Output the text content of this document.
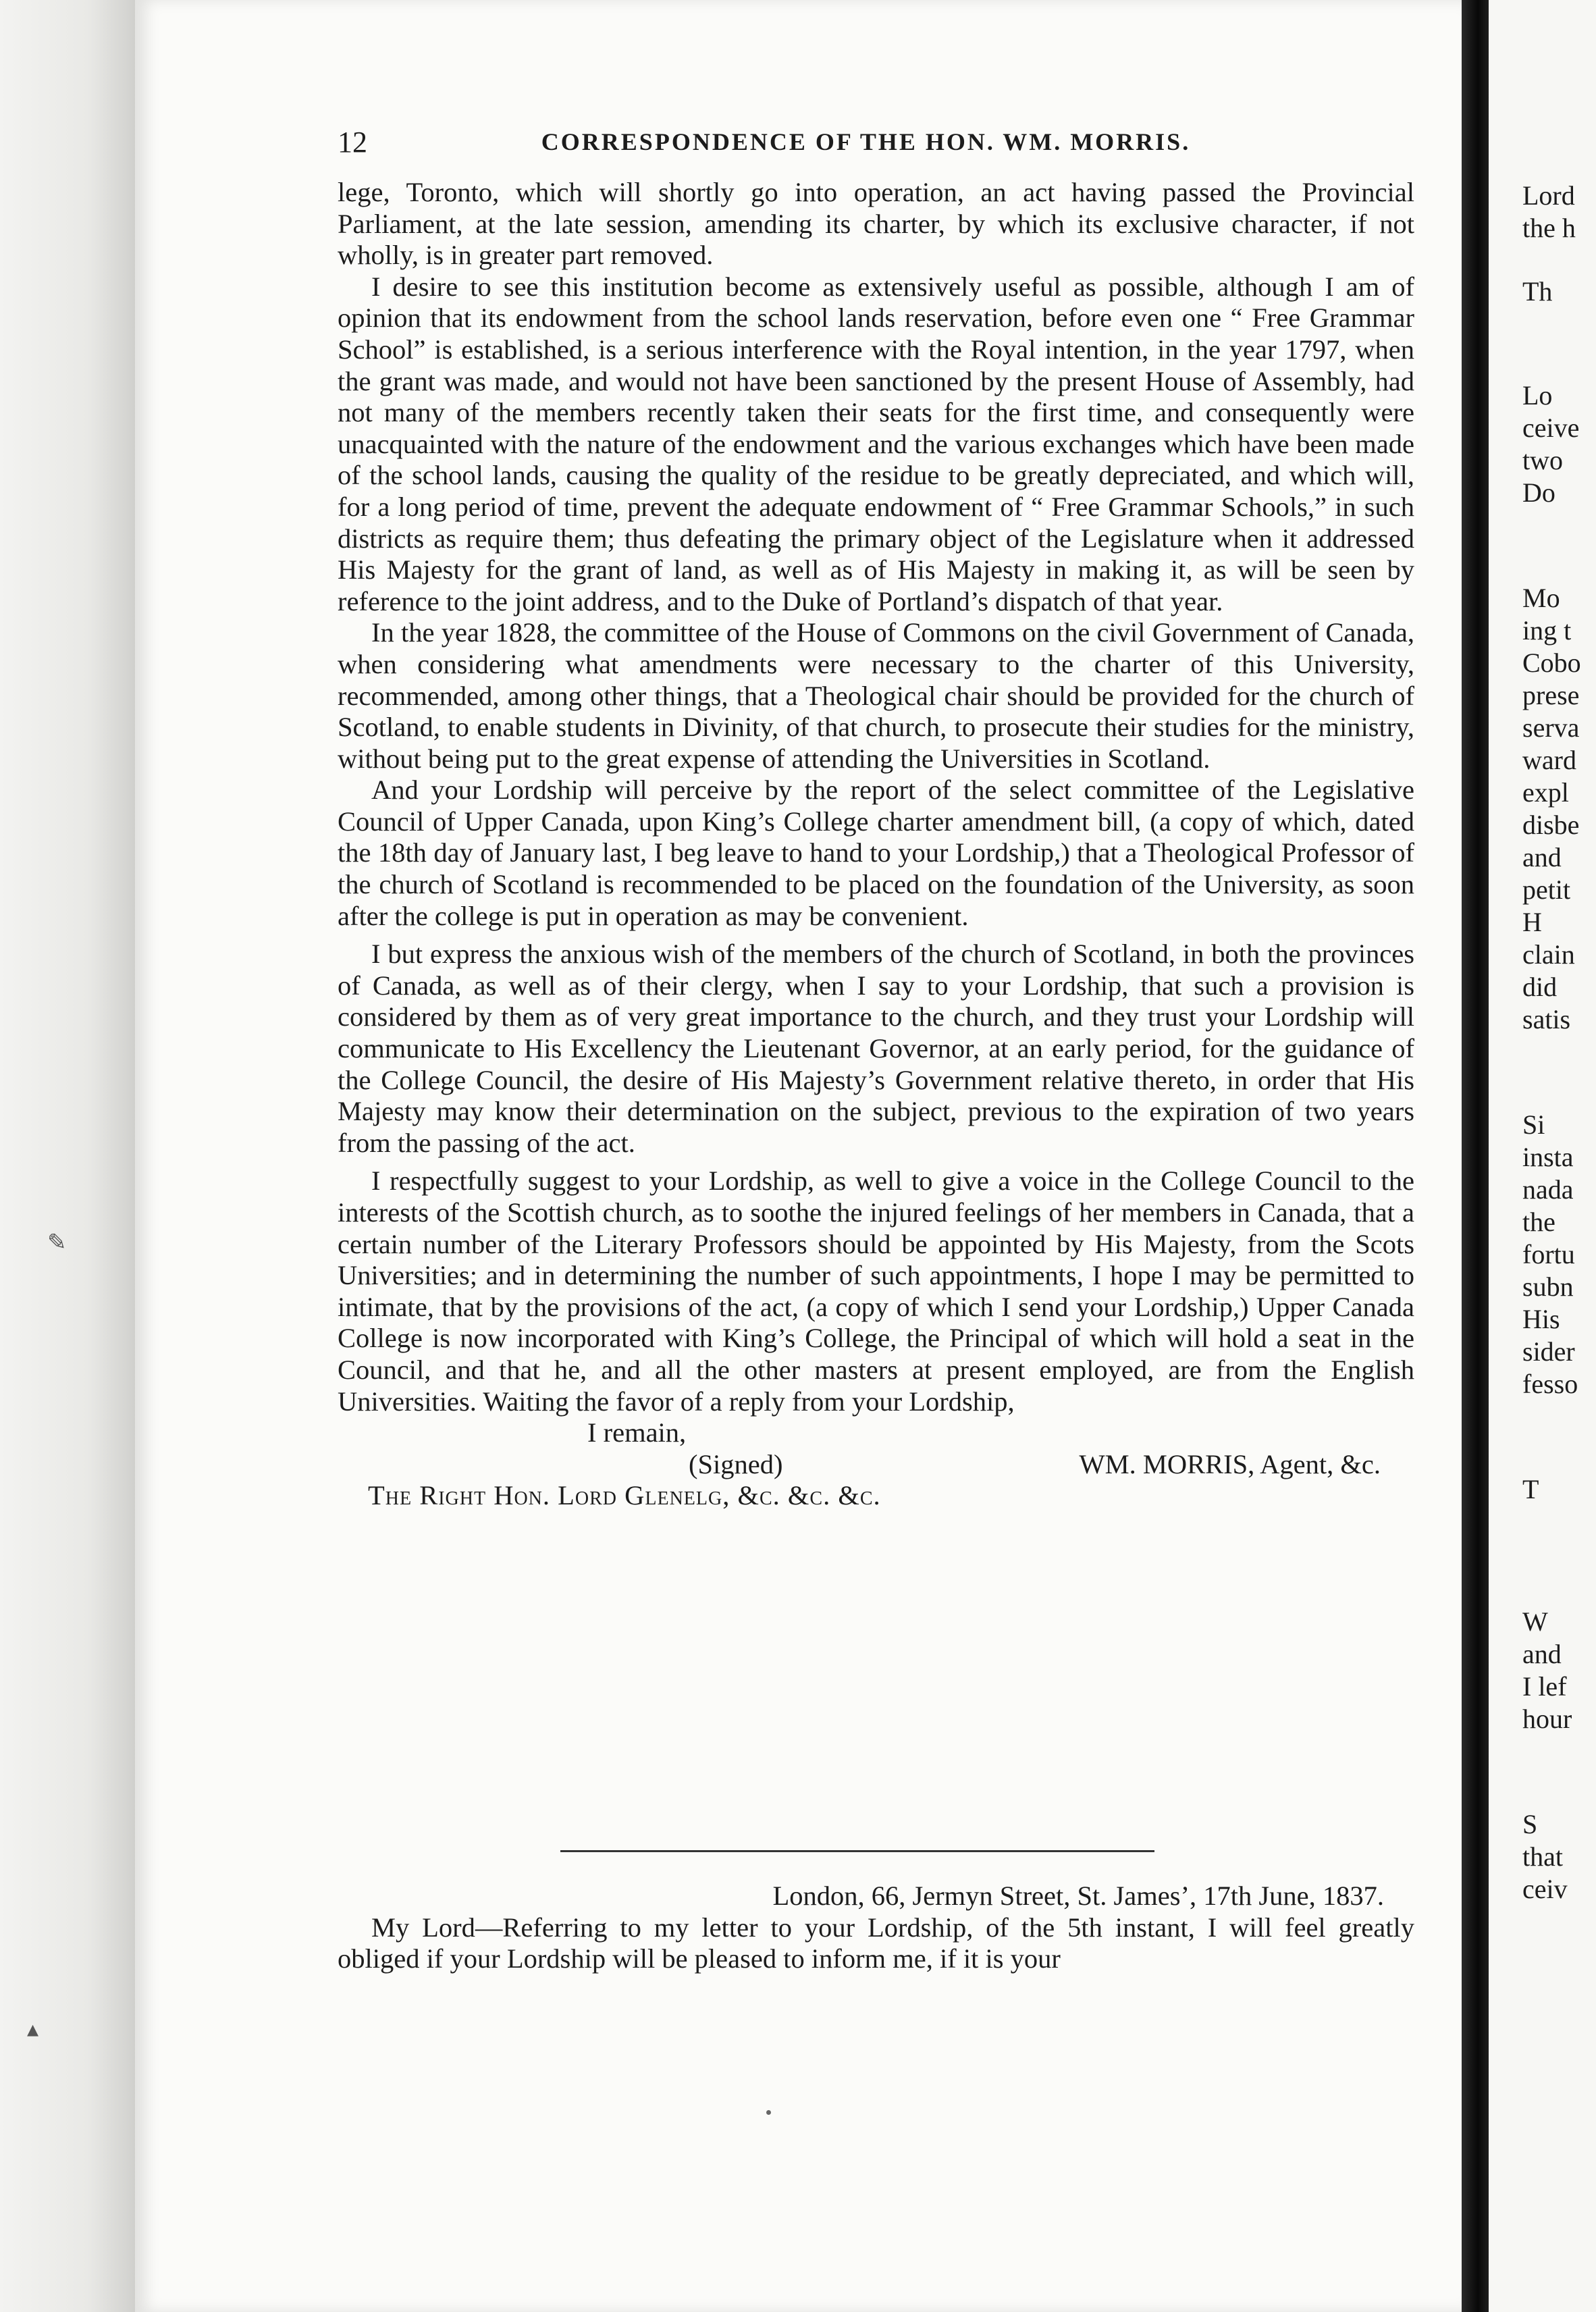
✎
▴
12	CORRESPONDENCE OF THE HON. WM. MORRIS.

lege, Toronto, which will shortly go into operation, an act having passed the Provincial Parliament, at the late session, amending its charter, by which its exclusive character, if not wholly, is in greater part removed.

I desire to see this institution become as extensively useful as possible, although I am of opinion that its endowment from the school lands reservation, before even one “ Free Grammar School” is established, is a serious interference with the Royal intention, in the year 1797, when the grant was made, and would not have been sanctioned by the present House of Assembly, had not many of the members recently taken their seats for the first time, and consequently were unacquainted with the nature of the endowment and the various exchanges which have been made of the school lands, causing the quality of the residue to be greatly depreciated, and which will, for a long period of time, prevent the adequate endowment of “ Free Grammar Schools,” in such districts as require them; thus defeating the primary object of the Legislature when it addressed His Majesty for the grant of land, as well as of His Majesty in making it, as will be seen by reference to the joint address, and to the Duke of Portland’s dispatch of that year.

In the year 1828, the committee of the House of Commons on the civil Government of Canada, when considering what amendments were necessary to the charter of this University, recommended, among other things, that a Theological chair should be provided for the church of Scotland, to enable students in Divinity, of that church, to prosecute their studies for the ministry, without being put to the great expense of attending the Universities in Scotland.

And your Lordship will perceive by the report of the select committee of the Legislative Council of Upper Canada, upon King’s College charter amendment bill, (a copy of which, dated the 18th day of January last, I beg leave to hand to your Lordship,) that a Theological Professor of the church of Scotland is recommended to be placed on the foundation of the University, as soon after the college is put in operation as may be convenient.

I but express the anxious wish of the members of the church of Scotland, in both the provinces of Canada, as well as of their clergy, when I say to your Lordship, that such a provision is considered by them as of very great importance to the church, and they trust your Lordship will communicate to His Excellency the Lieutenant Governor, at an early period, for the guidance of the College Council, the desire of His Majesty’s Government relative thereto, in order that His Majesty may know their determination on the subject, previous to the expiration of two years from the passing of the act.

I respectfully suggest to your Lordship, as well to give a voice in the College Council to the interests of the Scottish church, as to soothe the injured feelings of her members in Canada, that a certain number of the Literary Professors should be appointed by His Majesty, from the Scots Universities; and in determining the number of such appointments, I hope I may be permitted to intimate, that by the provisions of the act, (a copy of which I send your Lordship,) Upper Canada College is now incorporated with King’s College, the Principal of which will hold a seat in the Council, and that he, and all the other masters at present employed, are from the English Universities. Waiting the favor of a reply from your Lordship,

I remain,
(Signed)	WM. MORRIS, Agent, &c.
The Right Hon. Lord Glenelg, &c. &c. &c.
London, 66, Jermyn Street, St. James’, 17th June, 1837.

My Lord—Referring to my letter to your Lordship, of the 5th instant, I will feel greatly obliged if your Lordship will be pleased to inform me, if it is your

Lord
the h
Th
Lo
ceive
two
Do
Mo
ing t
Cobo
prese
serva
ward
expl
disbe
and
petit
H
clain
did
satis
Si
insta
nada
the
fortu
subn
His
sider
fesso
T
W
and
I lef
hour
S
that
ceiv
